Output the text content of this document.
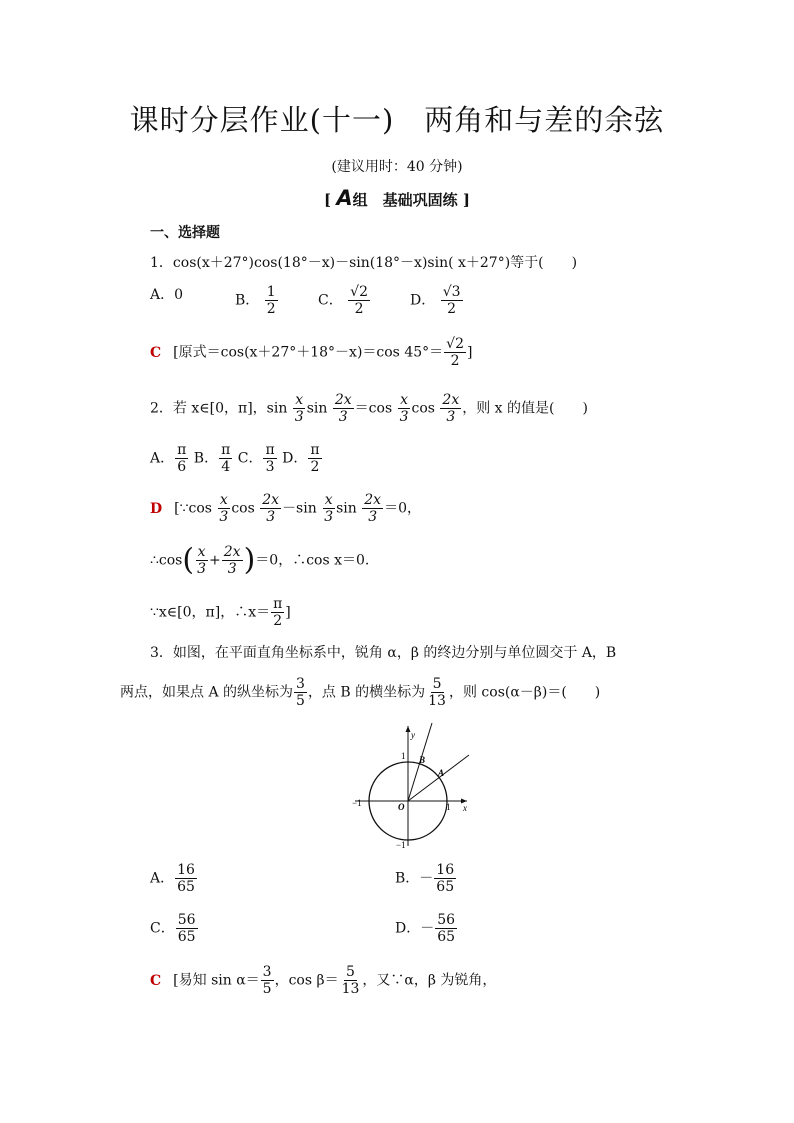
课时分层作业(十一)　两角和与差的余弦
(建议用时：40 分钟)
[ A组　基础巩固练 ]
一、选择题
1．cos(x＋27°)cos(18°－x)－sin(18°－x)sin( x＋27°)等于(　　)
A．0	B． $\frac{1}{2}$	C． $\frac{√2}{2}$	D． $\frac{√3}{2}$
C [原式＝cos(x＋27°＋18°－x)＝cos $45^\circ= \frac{√2}{2}$ ]
2．若 x∈[0，π]，$\sin \frac{x}{3}$ $\sin \frac{2x}{3} =\cos \frac{x}{3}$ $\cos \frac{2x}{3}$ ，则 x 的值是(　　)
A． $\frac{\pi}{6}$ B． $\frac{\pi}{4}$ C． $\frac{\pi}{3}$ D． $\frac{\pi}{2}$
D [∵cos $\frac{x}{3}$ $\cos \frac{2x}{3} -\sin \frac{x}{3}$ $\sin \frac{2x}{3} =0$，
∴cos( $\frac{x}{3} + \frac{2x}{3} )=0$，∴cos x＝0.
∵x∈[0，π]，∴x＝ $\frac{\pi}{2}$ ]
3．如图，在平面直角坐标系中，锐角 α，β 的终边分别与单位圆交于 A，B
两点，如果点 A 的纵坐标为 $\frac{3}{5}$ ，点 B 的横坐标为 $\frac{5}{13}$ ，则 cos(α－β)＝(　　)
y
x
O
1
1
−1
−1
A
B
A． $\frac{16}{65}$	B．－ $\frac{16}{65}$
C． $\frac{56}{65}$	D．－ $\frac{56}{65}$
C [易知 $\sin \alpha= \frac{3}{5}$ ，$\cos \beta= \frac{5}{13}$ ，又∵α，β 为锐角，
